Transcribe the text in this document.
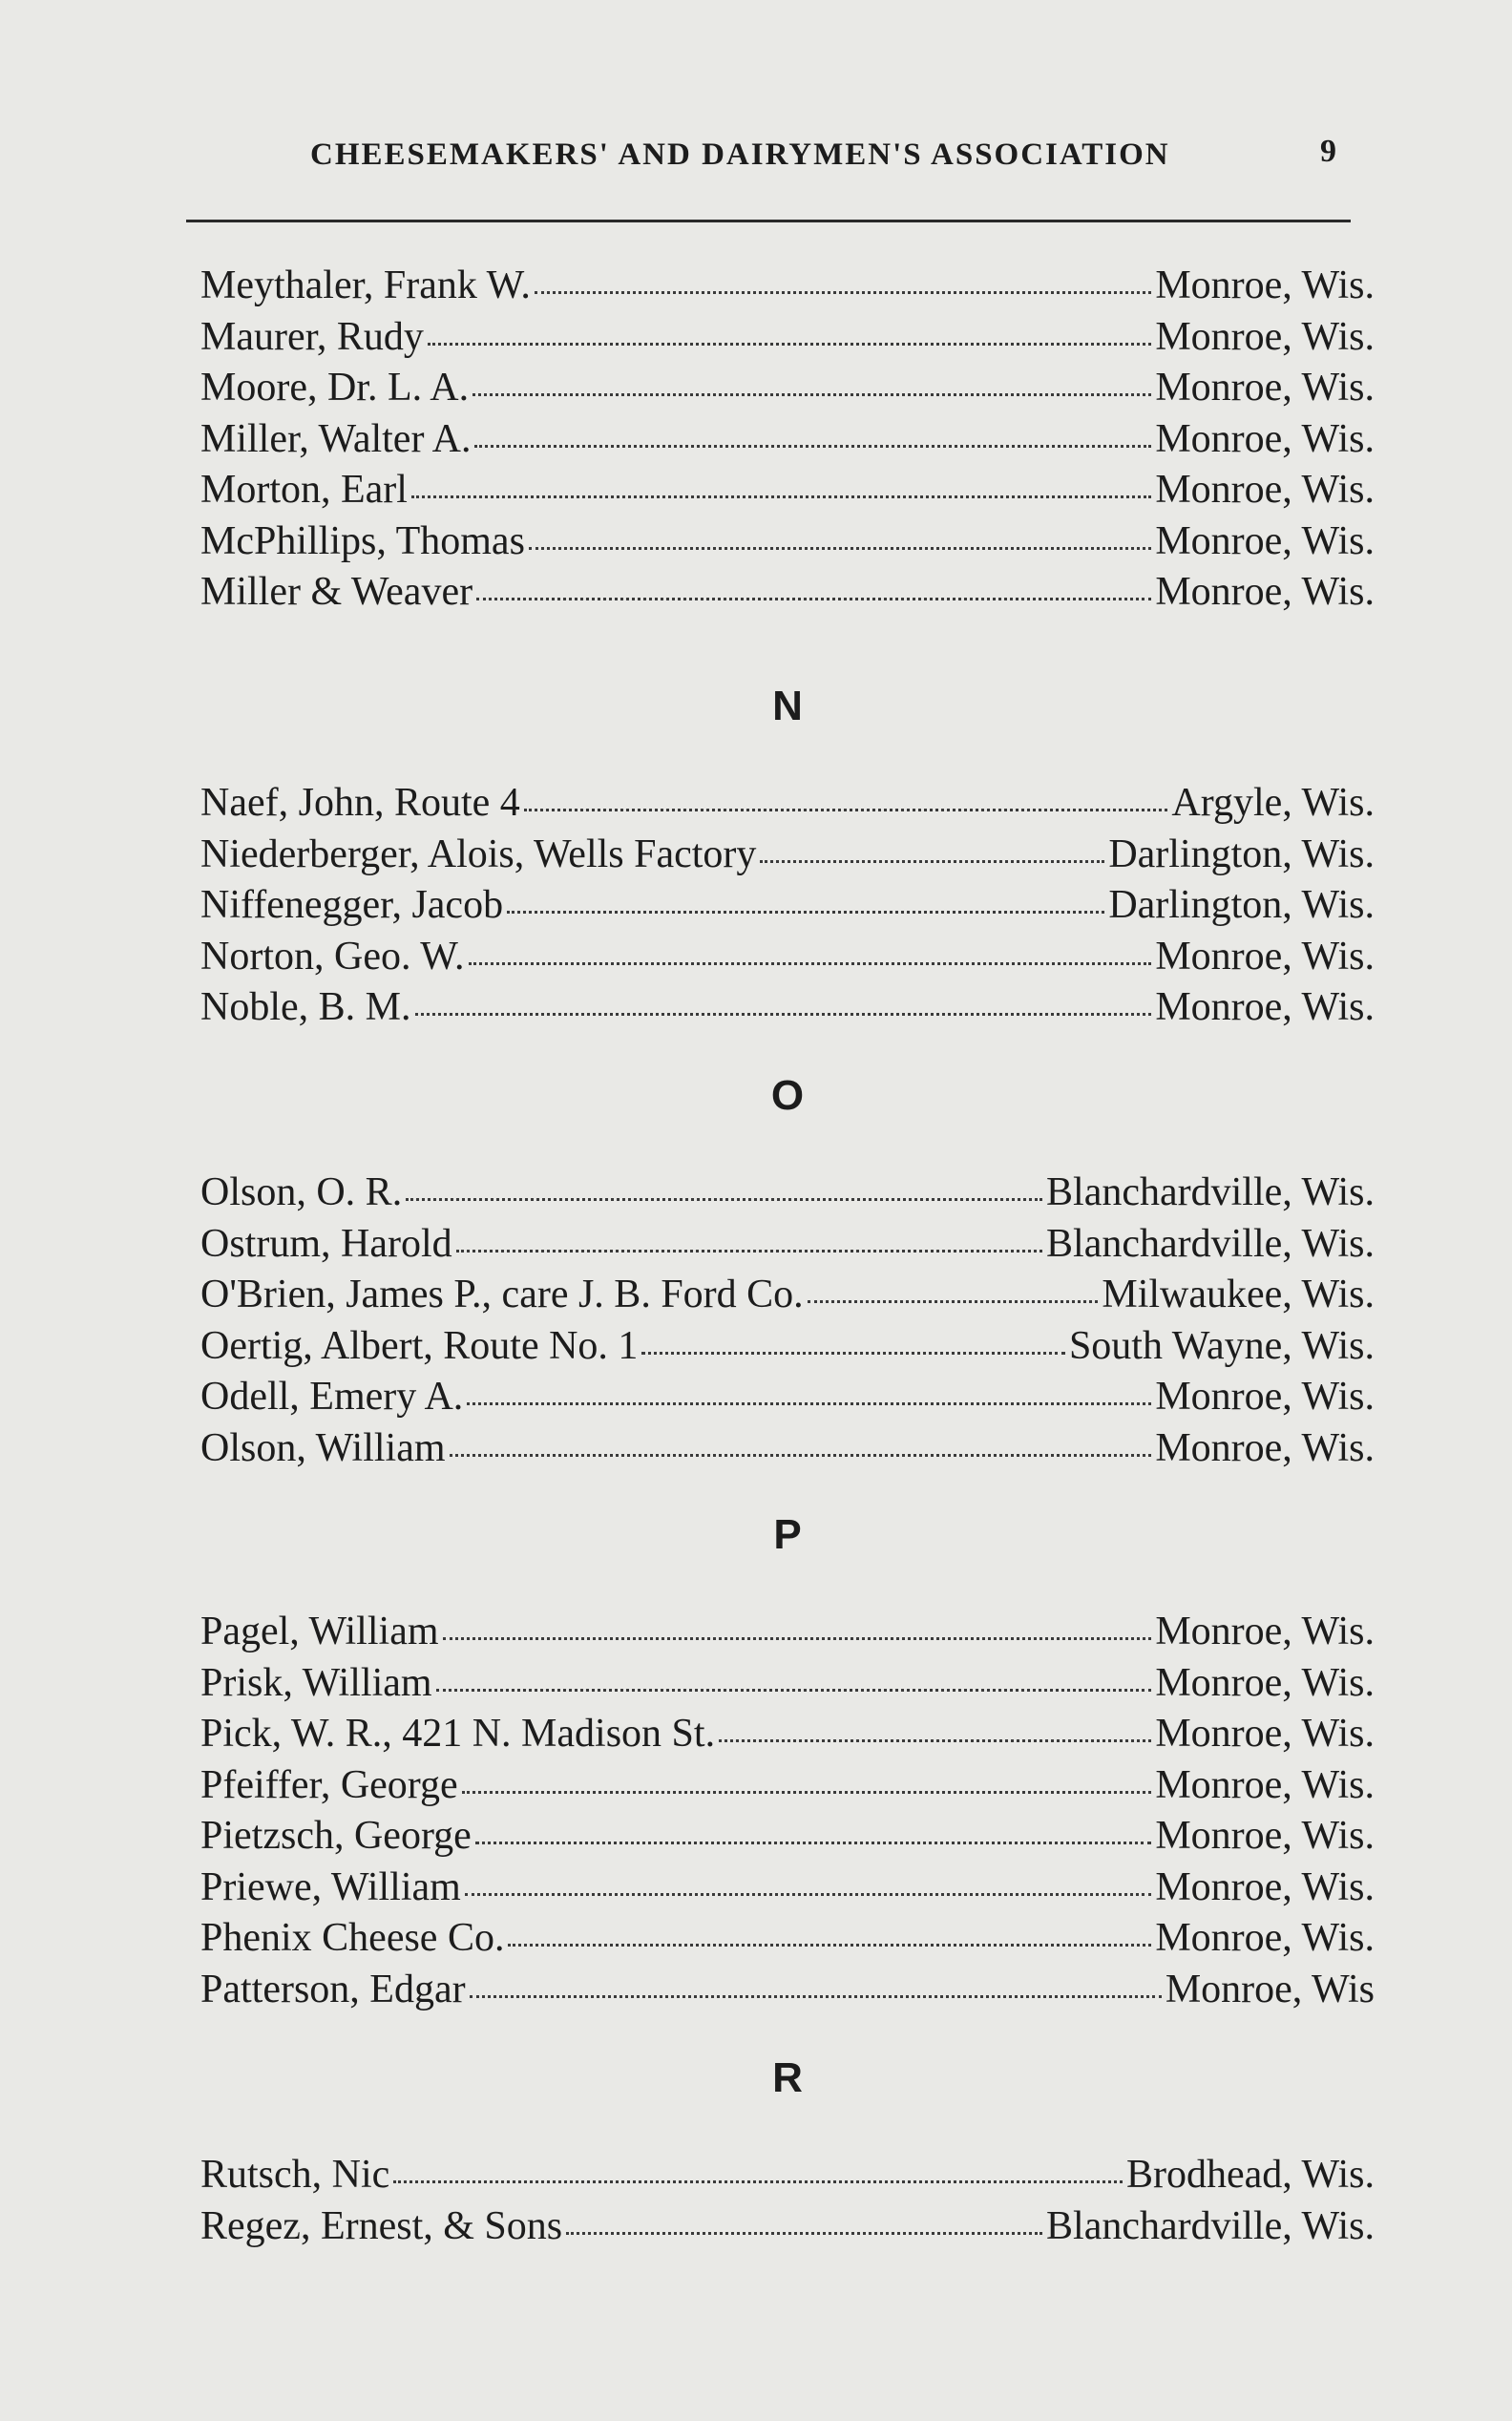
CHEESEMAKERS' AND DAIRYMEN'S ASSOCIATION	9
Meythaler, Frank W.	Monroe, Wis.
Maurer, Rudy	Monroe, Wis.
Moore, Dr. L. A.	Monroe, Wis.
Miller, Walter A.	Monroe, Wis.
Morton, Earl	Monroe, Wis.
McPhillips, Thomas	Monroe, Wis.
Miller & Weaver	Monroe, Wis.
N
Naef, John, Route 4	Argyle, Wis.
Niederberger, Alois, Wells Factory	Darlington, Wis.
Niffenegger, Jacob	Darlington, Wis.
Norton, Geo. W.	Monroe, Wis.
Noble, B. M.	Monroe, Wis.
O
Olson, O. R.	Blanchardville, Wis.
Ostrum, Harold	Blanchardville, Wis.
O'Brien, James P., care J. B. Ford Co.	Milwaukee, Wis.
Oertig, Albert, Route No. 1	South Wayne, Wis.
Odell, Emery A.	Monroe, Wis.
Olson, William	Monroe, Wis.
P
Pagel, William	Monroe, Wis.
Prisk, William	Monroe, Wis.
Pick, W. R., 421 N. Madison St.	Monroe, Wis.
Pfeiffer, George	Monroe, Wis.
Pietzsch, George	Monroe, Wis.
Priewe, William	Monroe, Wis.
Phenix Cheese Co.	Monroe, Wis.
Patterson, Edgar	Monroe, Wis
R
Rutsch, Nic	Brodhead, Wis.
Regez, Ernest, & Sons	Blanchardville, Wis.
